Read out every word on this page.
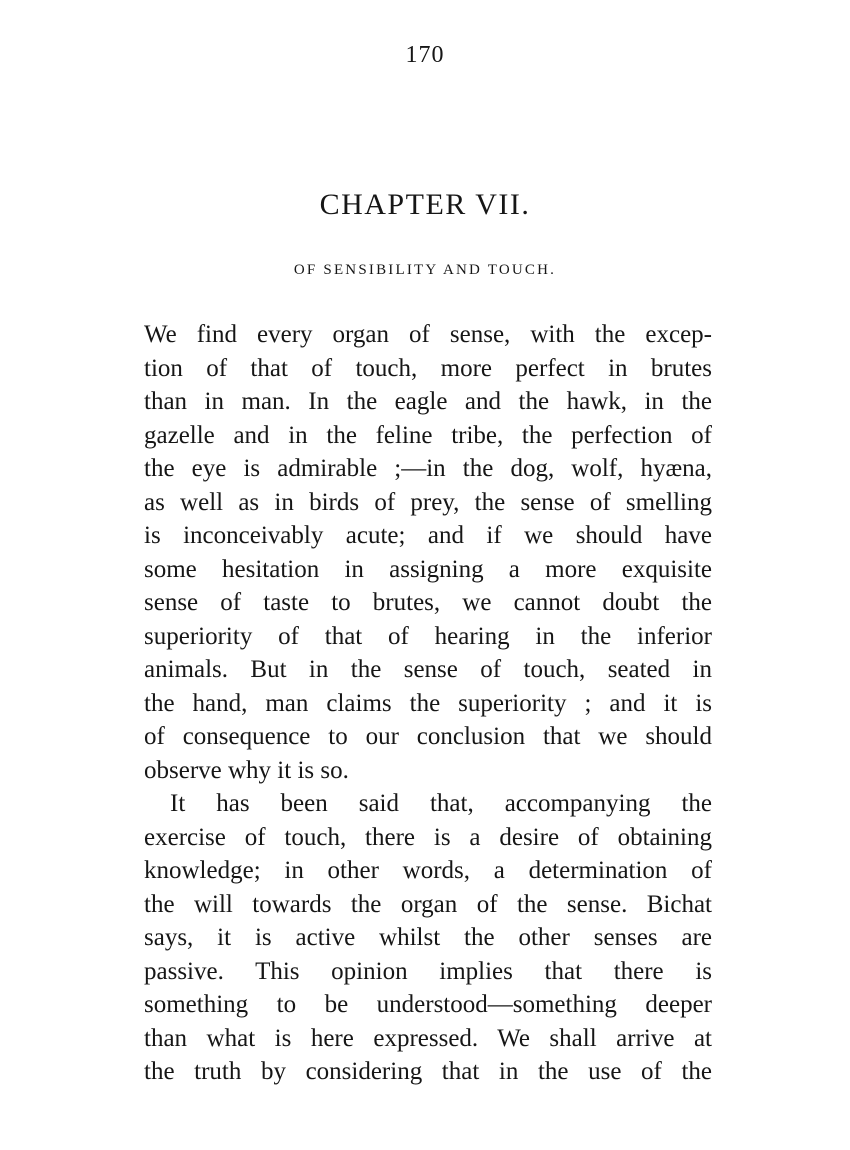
170
CHAPTER VII.
OF SENSIBILITY AND TOUCH.
We find every organ of sense, with the excep-
tion of that of touch, more perfect in brutes
than in man. In the eagle and the hawk, in the
gazelle and in the feline tribe, the perfection of
the eye is admirable ;—in the dog, wolf, hyæna,
as well as in birds of prey, the sense of smelling
is inconceivably acute; and if we should have
some hesitation in assigning a more exquisite
sense of taste to brutes, we cannot doubt the
superiority of that of hearing in the inferior
animals. But in the sense of touch, seated in
the hand, man claims the superiority ; and it is
of consequence to our conclusion that we should
observe why it is so.
It has been said that, accompanying the
exercise of touch, there is a desire of obtaining
knowledge; in other words, a determination of
the will towards the organ of the sense. Bichat
says, it is active whilst the other senses are
passive. This opinion implies that there is
something to be understood—something deeper
than what is here expressed. We shall arrive at
the truth by considering that in the use of the
